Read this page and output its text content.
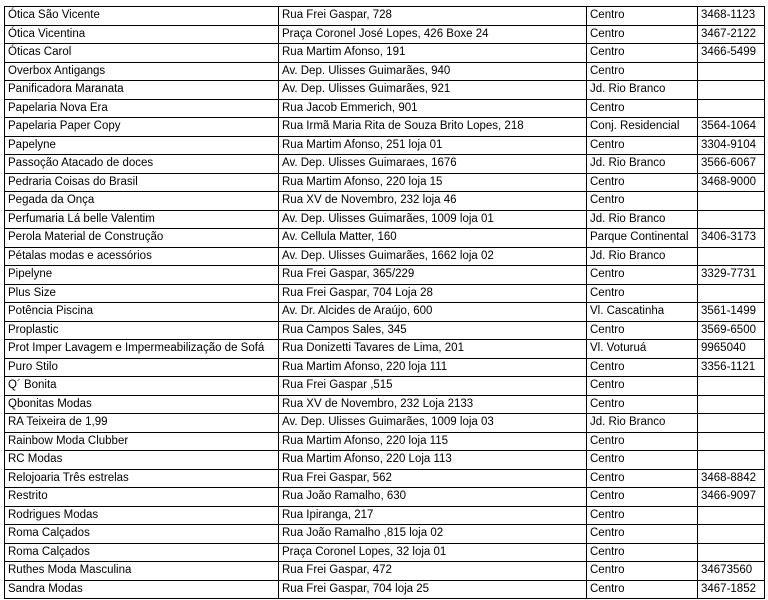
Ótica São Vicente	Rua Frei Gaspar, 728	Centro	3468-1123
Ótica Vicentina	Praça Coronel José Lopes, 426 Boxe 24	Centro	3467-2122
Óticas Carol	Rua Martim Afonso, 191	Centro	3466-5499
Overbox Antigangs	Av. Dep. Ulisses Guimarães, 940	Centro	
Panificadora Maranata	Av. Dep. Ulisses Guimarães, 921	Jd. Rio Branco	
Papelaria Nova Era	Rua Jacob Emmerich, 901	Centro	
Papelaria Paper Copy	Rua Irmã Maria Rita de Souza Brito Lopes, 218	Conj. Residencial	3564-1064
Papelyne	Rua Martim Afonso, 251 loja 01	Centro	3304-9104
Passoção Atacado de doces	Av. Dep. Ulisses Guimaraes, 1676	Jd. Rio Branco	3566-6067
Pedraria Coisas do Brasil	Rua Martim Afonso, 220 loja 15	Centro	3468-9000
Pegada da Onça	Rua XV de Novembro, 232 loja 46	Centro	
Perfumaria Lá belle Valentim	Av. Dep. Ulisses Guimarães, 1009 loja 01	Jd. Rio Branco	
Perola Material de Construção	Av. Cellula Matter, 160	Parque Continental	3406-3173
Pétalas modas e acessórios	Av. Dep. Ulisses Guimarães, 1662 loja 02	Jd. Rio Branco	
Pipelyne	Rua Frei Gaspar, 365/229	Centro	3329-7731
Plus Size	Rua Frei Gaspar, 704 Loja 28	Centro	
Potência Piscina	Av. Dr. Alcides de Araújo, 600	Vl. Cascatinha	3561-1499
Proplastic	Rua Campos Sales, 345	Centro	3569-6500
Prot Imper Lavagem e Impermeabilização de Sofá	Rua Donizetti Tavares de Lima, 201	Vl. Voturuá	9965040
Puro Stilo	Rua Martim Afonso, 220 loja 111	Centro	3356-1121
Q´ Bonita	Rua Frei Gaspar ,515	Centro	
Qbonitas Modas	Rua XV de Novembro, 232 Loja 2133	Centro	
RA Teixeira de 1,99	Av. Dep. Ulisses Guimarães, 1009 loja 03	Jd. Rio Branco	
Rainbow Moda Clubber	Rua Martim Afonso, 220 loja 115	Centro	
RC Modas	Rua Martim Afonso, 220 Loja 113	Centro	
Relojoaria Três estrelas	Rua Frei Gaspar, 562	Centro	3468-8842
Restrito	Rua João Ramalho, 630	Centro	3466-9097
Rodrigues Modas	Rua Ipiranga, 217	Centro	
Roma Calçados	Rua João Ramalho ,815 loja 02	Centro	
Roma Calçados	Praça Coronel Lopes, 32 loja 01	Centro	
Ruthes Moda Masculina	Rua Frei Gaspar, 472	Centro	34673560
Sandra Modas	Rua Frei Gaspar, 704 loja 25	Centro	3467-1852
